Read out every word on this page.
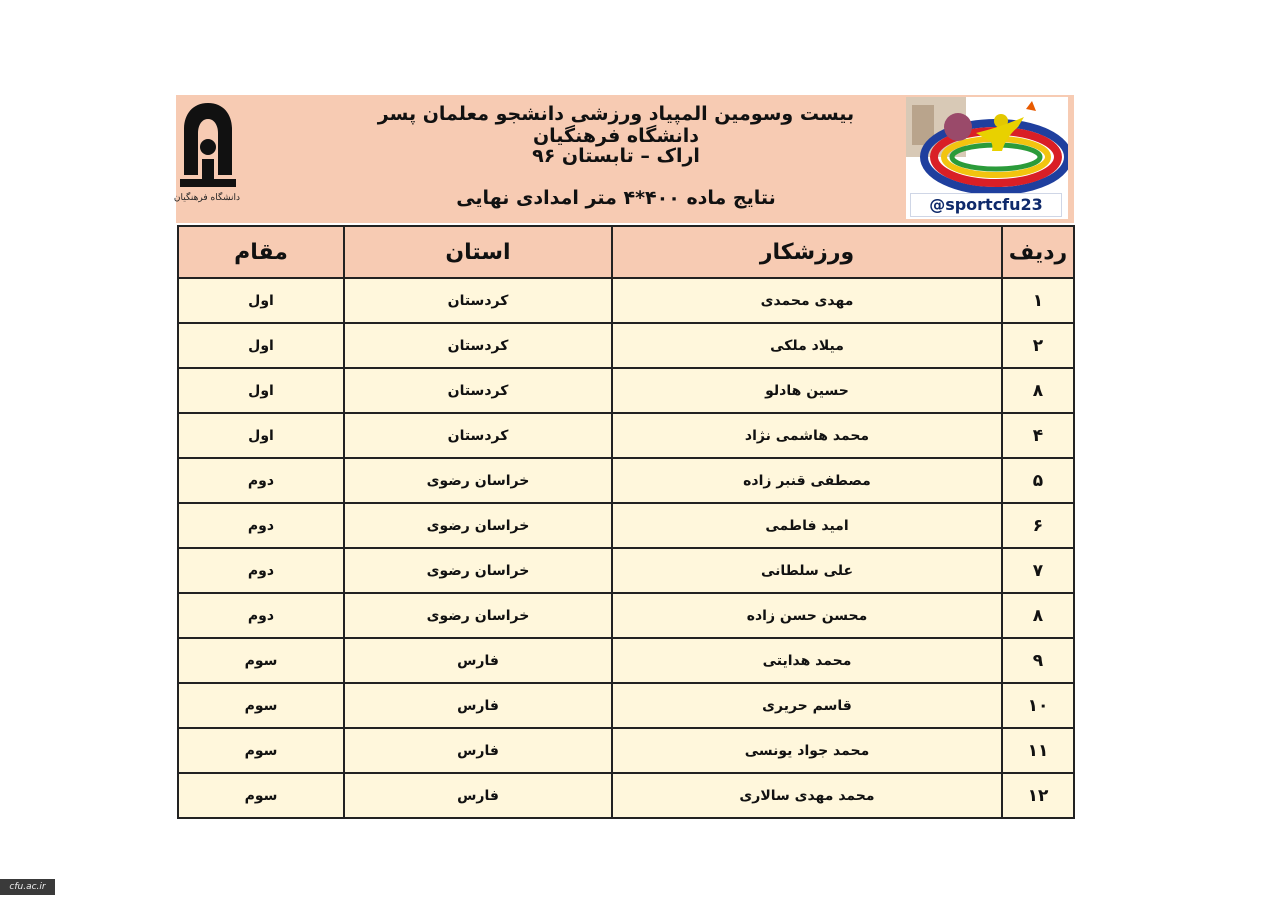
دانشگاه فرهنگیان
بیست وسومین المپیاد ورزشی دانشجو معلمان پسر دانشگاه فرهنگیان
اراک – تابستان ۹۶
نتایج ماده ۴۰۰*۴ متر امدادی نهایی	@sportcfu23
ردیف	ورزشکار	استان	مقام
۱	مهدی محمدی	کردستان	اول
۲	میلاد ملکی	کردستان	اول
۸	حسین هادلو	کردستان	اول
۴	محمد هاشمی نژاد	کردستان	اول
۵	مصطفی قنبر زاده	خراسان رضوی	دوم
۶	امید فاطمی	خراسان رضوی	دوم
۷	علی سلطانی	خراسان رضوی	دوم
۸	محسن حسن زاده	خراسان رضوی	دوم
۹	محمد هدایتی	فارس	سوم
۱۰	قاسم حریری	فارس	سوم
۱۱	محمد جواد یونسی	فارس	سوم
۱۲	محمد مهدی سالاری	فارس	سوم
cfu.ac.ir
